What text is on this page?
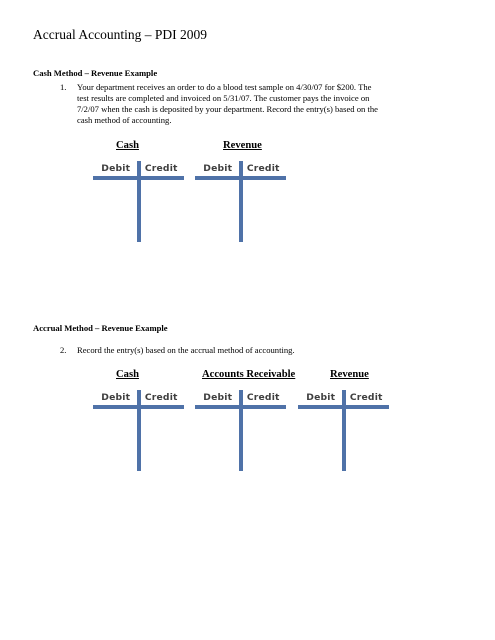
Accrual Accounting – PDI 2009
Cash Method – Revenue Example
1. Your department receives an order to do a blood test sample on 4/30/07 for $200. The
test results are completed and invoiced on 5/31/07. The customer pays the invoice on
7/2/07 when the cash is deposited by your department. Record the entry(s) based on the
cash method of accounting.
Cash	Revenue
Debit	Credit	Debit	Credit
Accrual Method – Revenue Example
2. Record the entry(s) based on the accrual method of accounting.
Cash	Accounts Receivable	Revenue
Debit	Credit	Debit	Credit	Debit	Credit
